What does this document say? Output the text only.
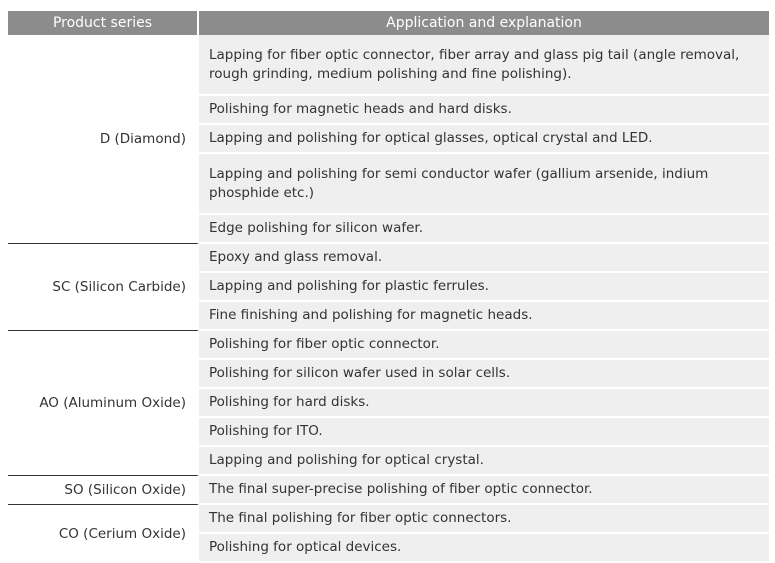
Product series	Application and explanation
D (Diamond)	Lapping for fiber optic connector, fiber array and glass pig tail (angle removal, rough grinding, medium polishing and fine polishing).
	Polishing for magnetic heads and hard disks.
	Lapping and polishing for optical glasses, optical crystal and LED.
	Lapping and polishing for semi conductor wafer (gallium arsenide, indium phosphide etc.)
	Edge polishing for silicon wafer.
SC (Silicon Carbide)	Epoxy and glass removal.
	Lapping and polishing for plastic ferrules.
	Fine finishing and polishing for magnetic heads.
AO (Aluminum Oxide)	Polishing for fiber optic connector.
	Polishing for silicon wafer used in solar cells.
	Polishing for hard disks.
	Polishing for ITO.
	Lapping and polishing for optical crystal.
SO (Silicon Oxide)	The final super-precise polishing of fiber optic connector.
CO (Cerium Oxide)	The final polishing for fiber optic connectors.
	Polishing for optical devices.
